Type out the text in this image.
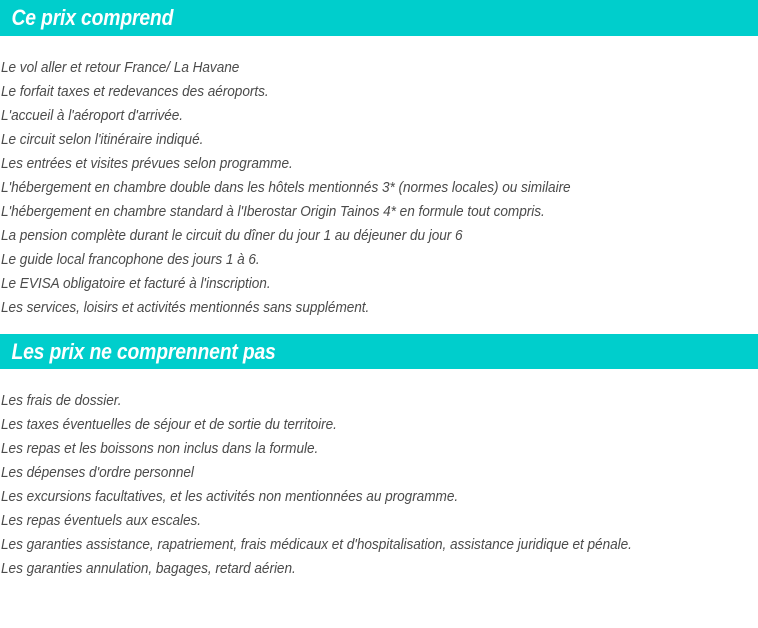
Ce prix comprend
Le vol aller et retour France/ La Havane
Le forfait taxes et redevances des aéroports.
L'accueil à l'aéroport d'arrivée.
Le circuit selon l'itinéraire indiqué.
Les entrées et visites prévues selon programme.
L'hébergement en chambre double dans les hôtels mentionnés 3* (normes locales) ou similaire
L'hébergement en chambre standard à l'Iberostar Origin Tainos 4* en formule tout compris.
La pension complète durant le circuit du dîner du jour 1 au déjeuner du jour 6
Le guide local francophone des jours 1 à 6.
Le EVISA obligatoire et facturé à l'inscription.
Les services, loisirs et activités mentionnés sans supplément.
Les prix ne comprennent pas
Les frais de dossier.
Les taxes éventuelles de séjour et de sortie du territoire.
Les repas et les boissons non inclus dans la formule.
Les dépenses d'ordre personnel
Les excursions facultatives, et les activités non mentionnées au programme.
Les repas éventuels aux escales.
Les garanties assistance, rapatriement, frais médicaux et d'hospitalisation, assistance juridique et pénale.
Les garanties annulation, bagages, retard aérien.
